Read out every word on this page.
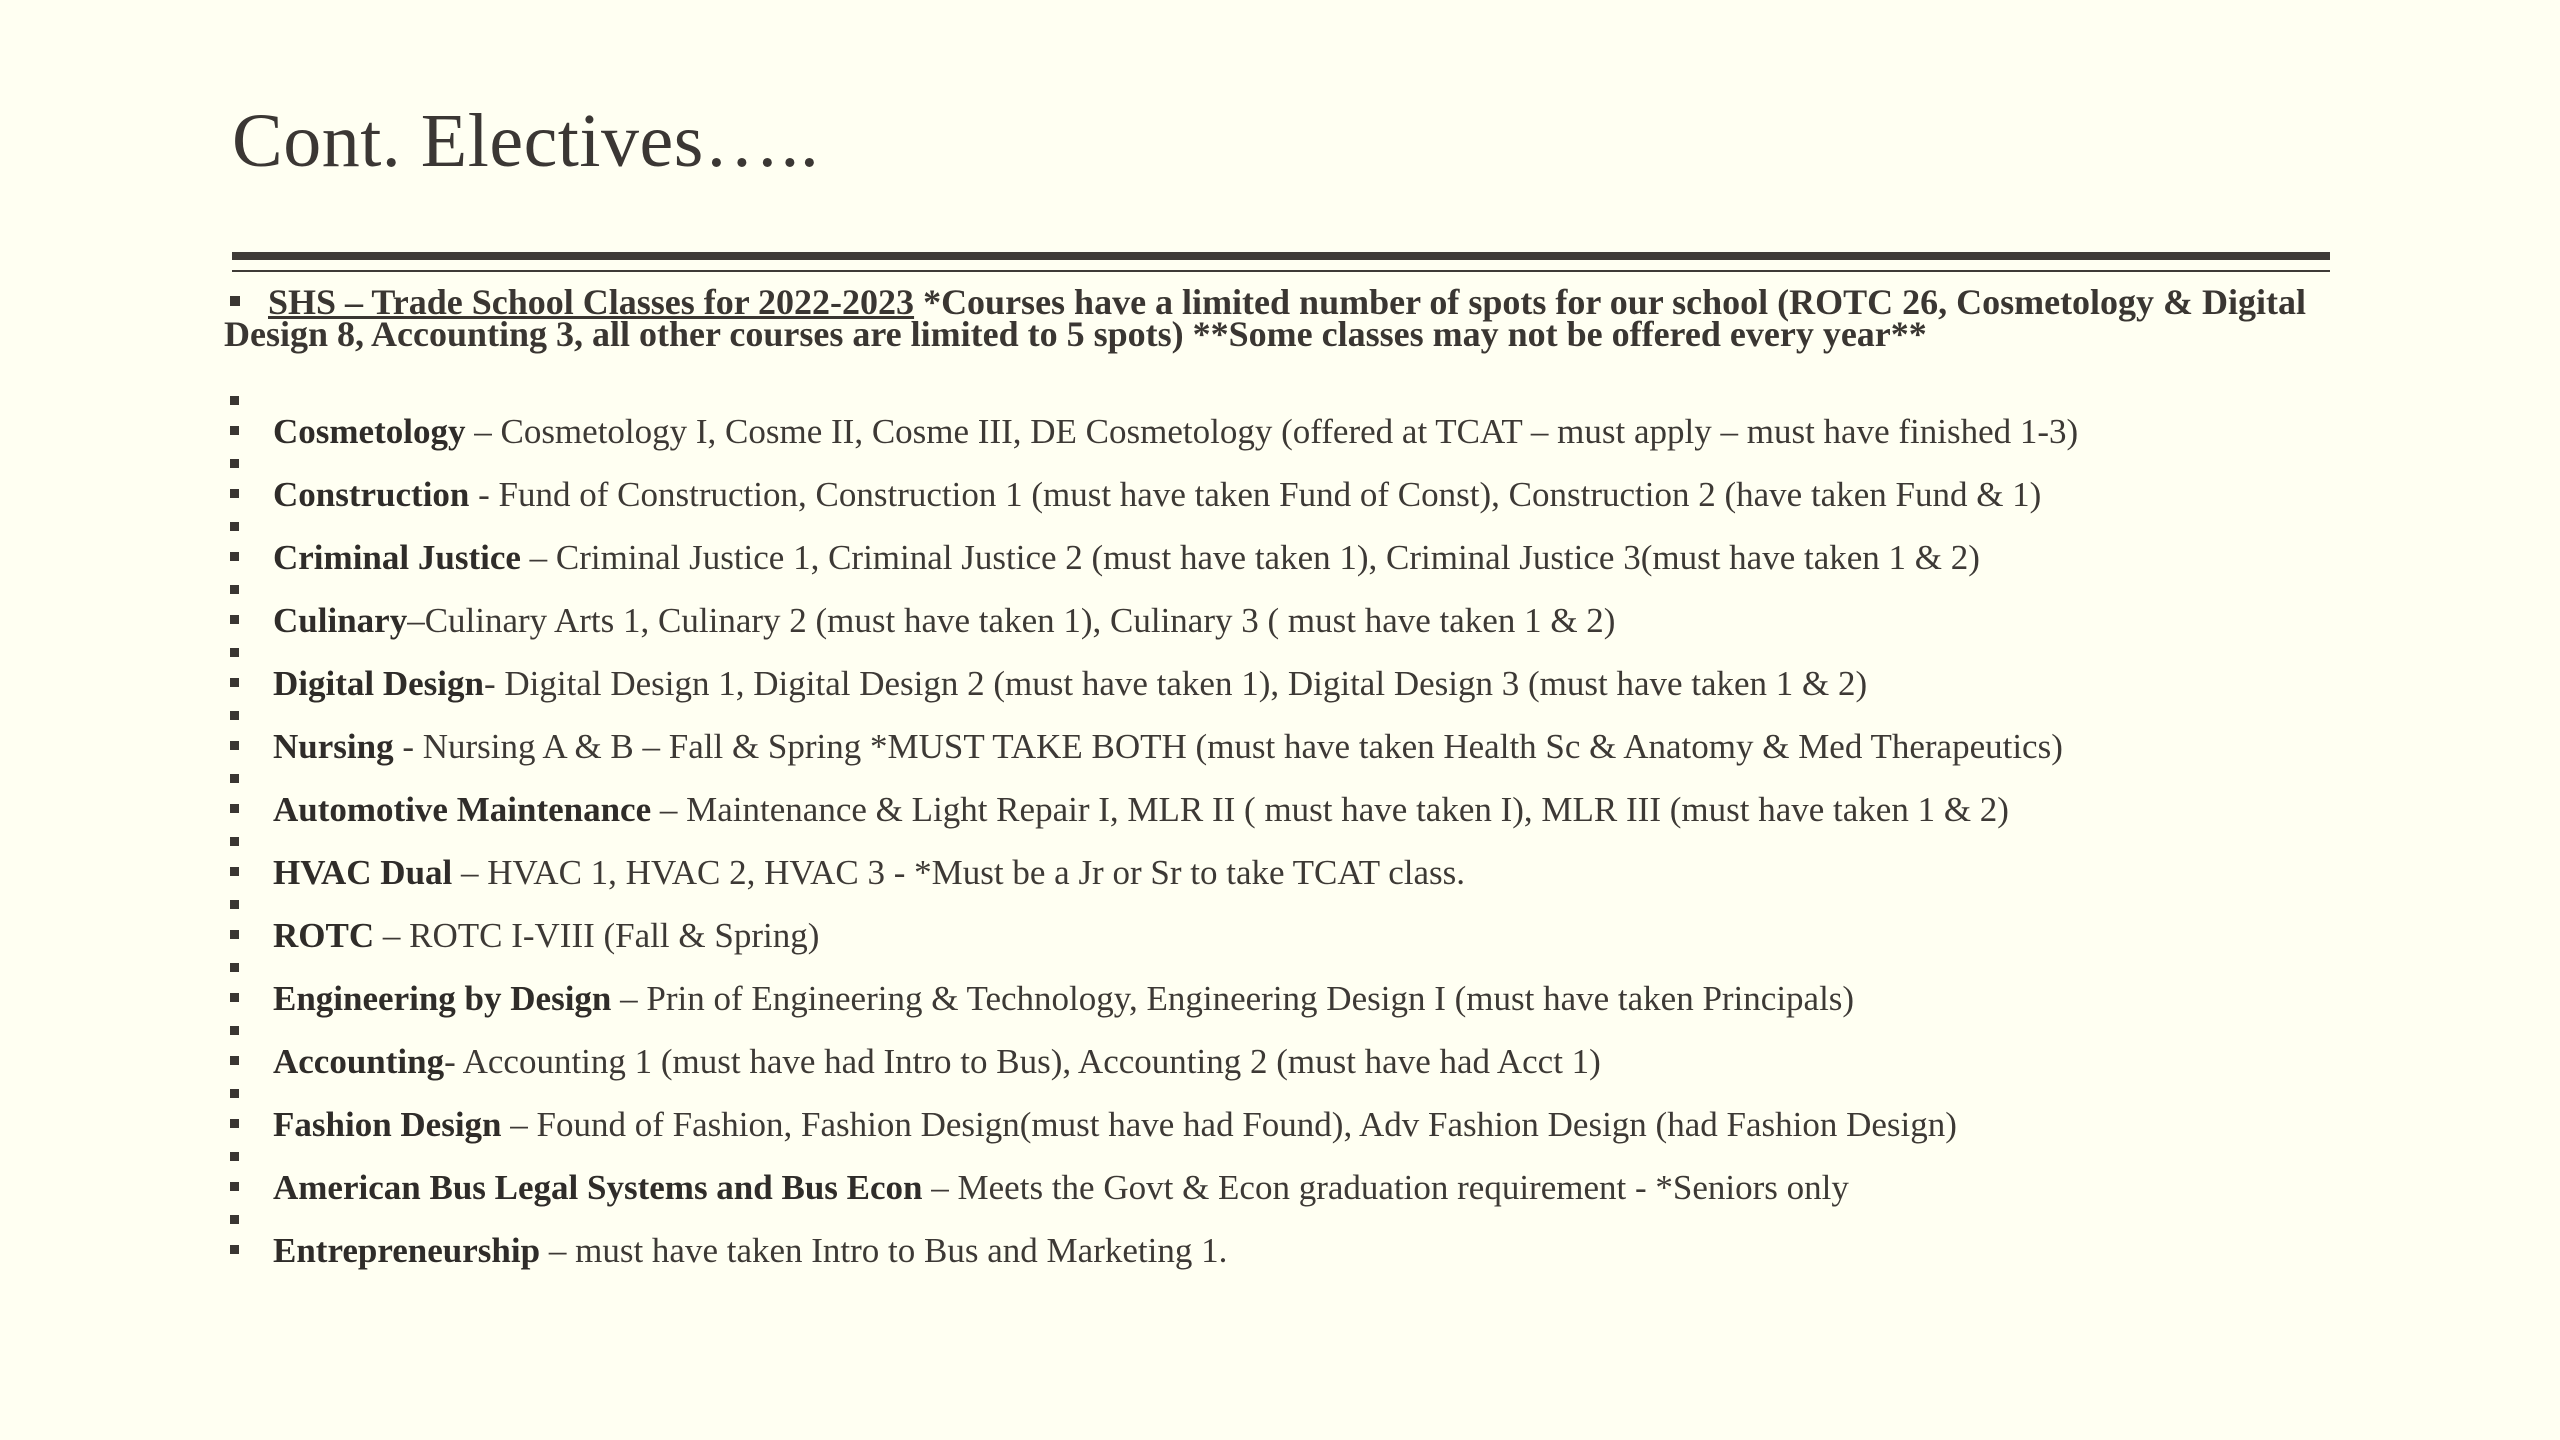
Cont. Electives…..
SHS – Trade School Classes for 2022-2023 *Courses have a limited number of spots for our school (ROTC 26, Cosmetology & Digital Design 8, Accounting 3, all other courses are limited to 5 spots) **Some classes may not be offered every year**
Cosmetology – Cosmetology I, Cosme II, Cosme III, DE Cosmetology (offered at TCAT – must apply – must have finished 1-3)
Construction - Fund of Construction, Construction 1 (must have taken Fund of Const), Construction 2 (have taken Fund & 1)
Criminal Justice – Criminal Justice 1, Criminal Justice 2 (must have taken 1), Criminal Justice 3(must have taken 1 & 2)
Culinary–Culinary Arts 1, Culinary 2 (must have taken 1), Culinary 3 ( must have taken 1 & 2)
Digital Design- Digital Design 1, Digital Design 2 (must have taken 1), Digital Design 3 (must have taken 1 & 2)
Nursing - Nursing A & B – Fall & Spring *MUST TAKE BOTH (must have taken Health Sc & Anatomy & Med Therapeutics)
Automotive Maintenance – Maintenance & Light Repair I, MLR II ( must have taken I), MLR III (must have taken 1 & 2)
HVAC Dual – HVAC 1, HVAC 2, HVAC 3 - *Must be a Jr or Sr to take TCAT class.
ROTC – ROTC I-VIII (Fall & Spring)
Engineering by Design – Prin of Engineering & Technology, Engineering Design I (must have taken Principals)
Accounting- Accounting 1 (must have had Intro to Bus), Accounting 2 (must have had Acct 1)
Fashion Design – Found of Fashion, Fashion Design(must have had Found), Adv Fashion Design (had Fashion Design)
American Bus Legal Systems and Bus Econ – Meets the Govt & Econ graduation requirement - *Seniors only
Entrepreneurship – must have taken Intro to Bus and Marketing 1.
